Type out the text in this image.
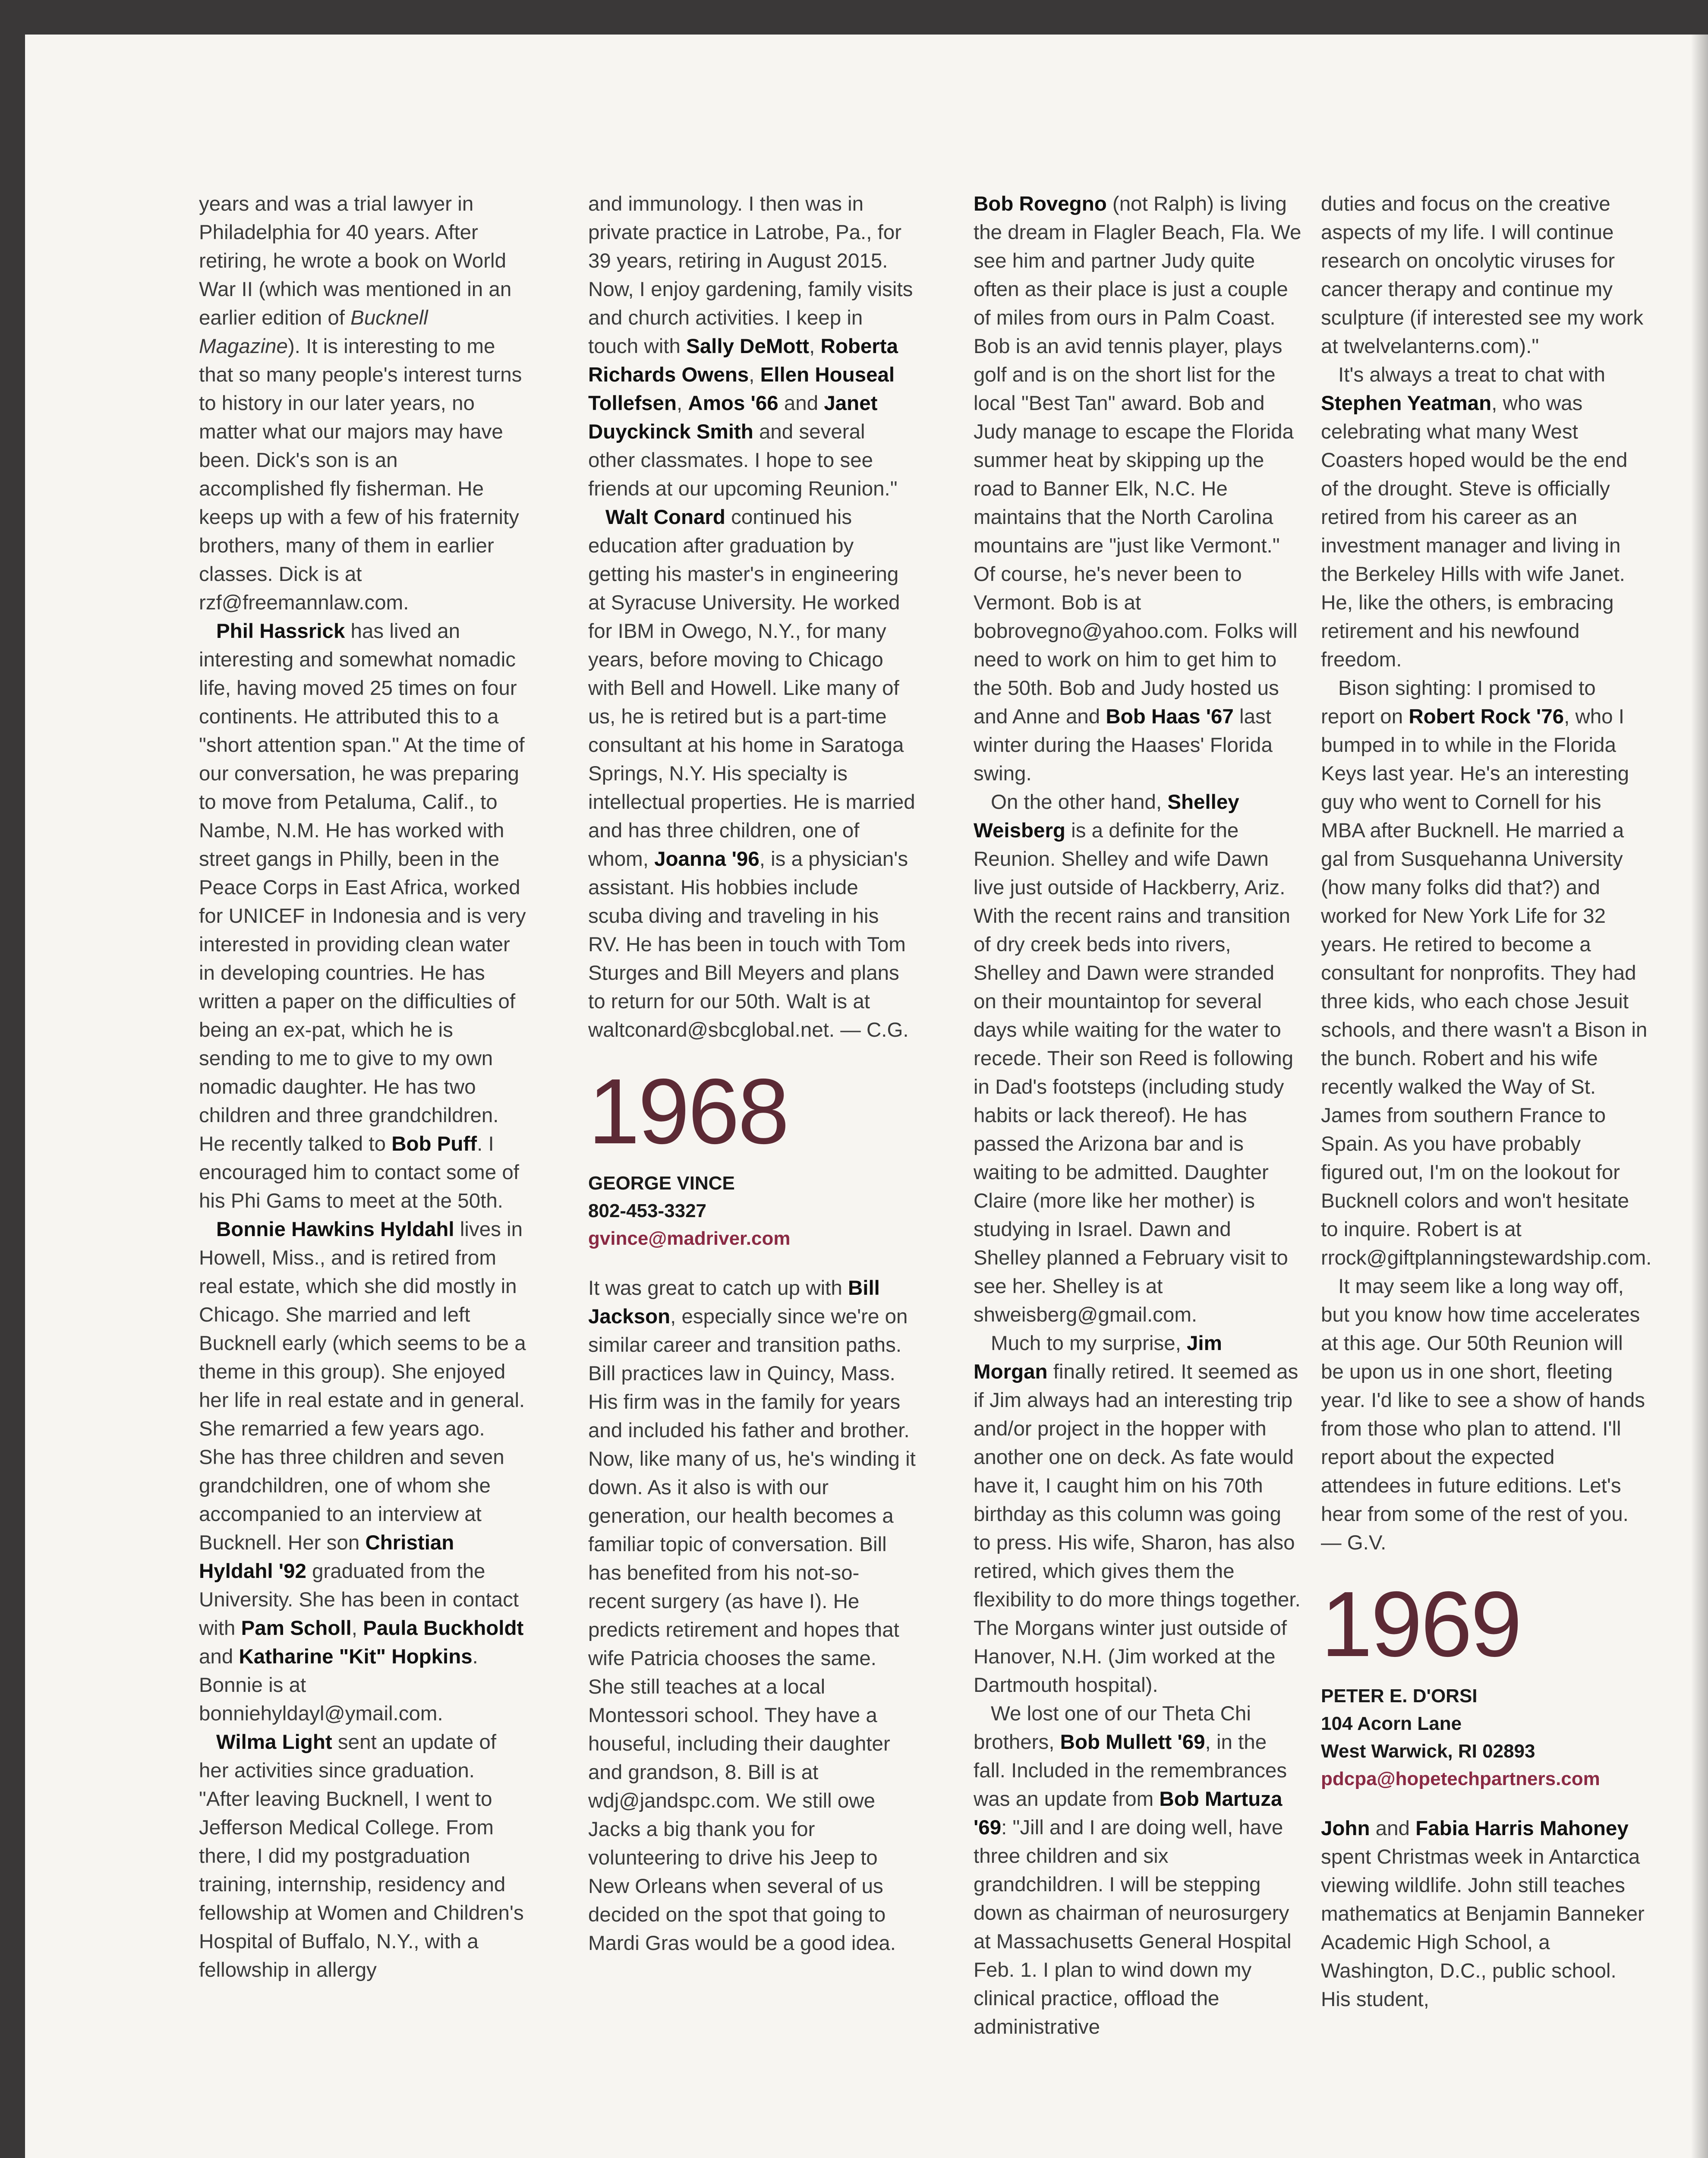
years and was a trial lawyer in Philadelphia for 40 years. After retiring, he wrote a book on World War II (which was mentioned in an earlier edition of Bucknell Magazine). It is interesting to me that so many people's interest turns to history in our later years, no matter what our majors may have been. Dick's son is an accomplished fly fisherman. He keeps up with a few of his fraternity brothers, many of them in earlier classes. Dick is at rzf@freemannlaw.com.

Phil Hassrick has lived an interesting and somewhat nomadic life, having moved 25 times on four continents. He attributed this to a "short attention span." At the time of our conversation, he was preparing to move from Petaluma, Calif., to Nambe, N.M. He has worked with street gangs in Philly, been in the Peace Corps in East Africa, worked for UNICEF in Indonesia and is very interested in providing clean water in developing countries. He has written a paper on the difficulties of being an ex-pat, which he is sending to me to give to my own nomadic daughter. He has two children and three grandchildren. He recently talked to Bob Puff. I encouraged him to contact some of his Phi Gams to meet at the 50th.

Bonnie Hawkins Hyldahl lives in Howell, Miss., and is retired from real estate, which she did mostly in Chicago. She married and left Bucknell early (which seems to be a theme in this group). She enjoyed her life in real estate and in general. She remarried a few years ago. She has three children and seven grandchildren, one of whom she accompanied to an interview at Bucknell. Her son Christian Hyldahl '92 graduated from the University. She has been in contact with Pam Scholl, Paula Buckholdt and Katharine "Kit" Hopkins. Bonnie is at bonniehyldayl@ymail.com.

Wilma Light sent an update of her activities since graduation. "After leaving Bucknell, I went to Jefferson Medical College. From there, I did my postgraduation training, internship, residency and fellowship at Women and Children's Hospital of Buffalo, N.Y., with a fellowship in allergy

and immunology. I then was in private practice in Latrobe, Pa., for 39 years, retiring in August 2015. Now, I enjoy gardening, family visits and church activities. I keep in touch with Sally DeMott, Roberta Richards Owens, Ellen Houseal Tollefsen, Amos '66 and Janet Duyckinck Smith and several other classmates. I hope to see friends at our upcoming Reunion."

Walt Conard continued his education after graduation by getting his master's in engineering at Syracuse University. He worked for IBM in Owego, N.Y., for many years, before moving to Chicago with Bell and Howell. Like many of us, he is retired but is a part-time consultant at his home in Saratoga Springs, N.Y. His specialty is intellectual properties. He is married and has three children, one of whom, Joanna '96, is a physician's assistant. His hobbies include scuba diving and traveling in his RV. He has been in touch with Tom Sturges and Bill Meyers and plans to return for our 50th. Walt is at waltconard@sbcglobal.net. — C.G.

1968
GEORGE VINCE
802-453-3327
gvince@madriver.com

It was great to catch up with Bill Jackson, especially since we're on similar career and transition paths. Bill practices law in Quincy, Mass. His firm was in the family for years and included his father and brother. Now, like many of us, he's winding it down. As it also is with our generation, our health becomes a familiar topic of conversation. Bill has benefited from his not-so-recent surgery (as have I). He predicts retirement and hopes that wife Patricia chooses the same. She still teaches at a local Montessori school. They have a houseful, including their daughter and grandson, 8. Bill is at wdj@jandspc.com. We still owe Jacks a big thank you for volunteering to drive his Jeep to New Orleans when several of us decided on the spot that going to Mardi Gras would be a good idea.

Bob Rovegno (not Ralph) is living the dream in Flagler Beach, Fla. We see him and partner Judy quite often as their place is just a couple of miles from ours in Palm Coast. Bob is an avid tennis player, plays golf and is on the short list for the local "Best Tan" award. Bob and Judy manage to escape the Florida summer heat by skipping up the road to Banner Elk, N.C. He maintains that the North Carolina mountains are "just like Vermont." Of course, he's never been to Vermont. Bob is at bobrovegno@yahoo.com. Folks will need to work on him to get him to the 50th. Bob and Judy hosted us and Anne and Bob Haas '67 last winter during the Haases' Florida swing.

On the other hand, Shelley Weisberg is a definite for the Reunion. Shelley and wife Dawn live just outside of Hackberry, Ariz. With the recent rains and transition of dry creek beds into rivers, Shelley and Dawn were stranded on their mountaintop for several days while waiting for the water to recede. Their son Reed is following in Dad's footsteps (including study habits or lack thereof). He has passed the Arizona bar and is waiting to be admitted. Daughter Claire (more like her mother) is studying in Israel. Dawn and Shelley planned a February visit to see her. Shelley is at shweisberg@gmail.com.

Much to my surprise, Jim Morgan finally retired. It seemed as if Jim always had an interesting trip and/or project in the hopper with another one on deck. As fate would have it, I caught him on his 70th birthday as this column was going to press. His wife, Sharon, has also retired, which gives them the flexibility to do more things together. The Morgans winter just outside of Hanover, N.H. (Jim worked at the Dartmouth hospital).

We lost one of our Theta Chi brothers, Bob Mullett '69, in the fall. Included in the remembrances was an update from Bob Martuza '69: "Jill and I are doing well, have three children and six grandchildren. I will be stepping down as chairman of neurosurgery at Massachusetts General Hospital Feb. 1. I plan to wind down my clinical practice, offload the administrative

duties and focus on the creative aspects of my life. I will continue research on oncolytic viruses for cancer therapy and continue my sculpture (if interested see my work at twelvelanterns.com)."

It's always a treat to chat with Stephen Yeatman, who was celebrating what many West Coasters hoped would be the end of the drought. Steve is officially retired from his career as an investment manager and living in the Berkeley Hills with wife Janet. He, like the others, is embracing retirement and his newfound freedom.

Bison sighting: I promised to report on Robert Rock '76, who I bumped in to while in the Florida Keys last year. He's an interesting guy who went to Cornell for his MBA after Bucknell. He married a gal from Susquehanna University (how many folks did that?) and worked for New York Life for 32 years. He retired to become a consultant for nonprofits. They had three kids, who each chose Jesuit schools, and there wasn't a Bison in the bunch. Robert and his wife recently walked the Way of St. James from southern France to Spain. As you have probably figured out, I'm on the lookout for Bucknell colors and won't hesitate to inquire. Robert is at rrock@giftplanningstewardship.com.

It may seem like a long way off, but you know how time accelerates at this age. Our 50th Reunion will be upon us in one short, fleeting year. I'd like to see a show of hands from those who plan to attend. I'll report about the expected attendees in future editions. Let's hear from some of the rest of you. — G.V.

1969
PETER E. D'ORSI
104 Acorn Lane
West Warwick, RI 02893
pdcpa@hopetechpartners.com

John and Fabia Harris Mahoney spent Christmas week in Antarctica viewing wildlife. John still teaches mathematics at Benjamin Banneker Academic High School, a Washington, D.C., public school. His student,
